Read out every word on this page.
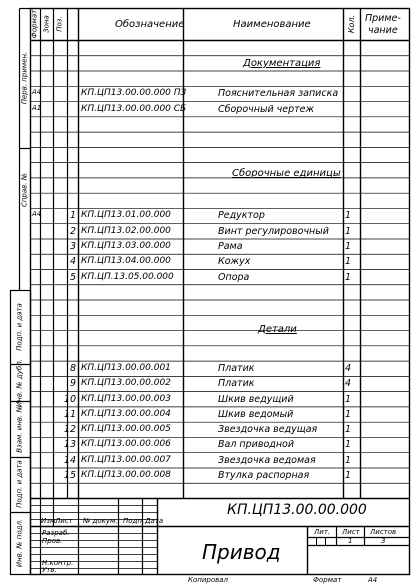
Формат Зона Поз.	Обозначение	Наименование	Кол. Приме-
чание
Перв. примен.
Справ. №
Подп. и дата
Инв. № дубл.
Взам. инв. №
Подп. и дата
Инв. № подл.
Документация
Сборочные единицы
Детали
А4	КП.ЦП13.00.00.000 ПЗ	Пояснительная записка
А1	КП.ЦП13.00.00.000 СБ	Сборочный чертеж
А4	1 КП.ЦП13.01.00.000	Редуктор	1
2 КП.ЦП13.02.00.000	Винт регулировочный 1
3 КП.ЦП13.03.00.000	Рама	1
4 КП.ЦП13.04.00.000	Кожух	1
5 КП.ЦП.13.05.00.000	Опора	1
8 КП.ЦП13.00.00.001	Платик	4
9 КП.ЦП13.00.00.002	Платик	4
10 КП.ЦП13.00.00.003	Шкив ведущий	1
11 КП.ЦП13.00.00.004	Шкив ведомый	1
12 КП.ЦП13.00.00.005	Звездочка ведущая	1
13 КП.ЦП13.00.00.006	Вал приводной	1
14 КП.ЦП13.00.00.007	Звездочка ведомая	1
15 КП.ЦП13.00.00.008	Втулка распорная	1
Изм.
Лист № докум. Подп. Дата
Разраб.
Пров.
Н.контр.
Утв.
КП.ЦП13.00.00.000
Привод
Лит. Лист Листов
1	3
Копировал	Формат	А4
